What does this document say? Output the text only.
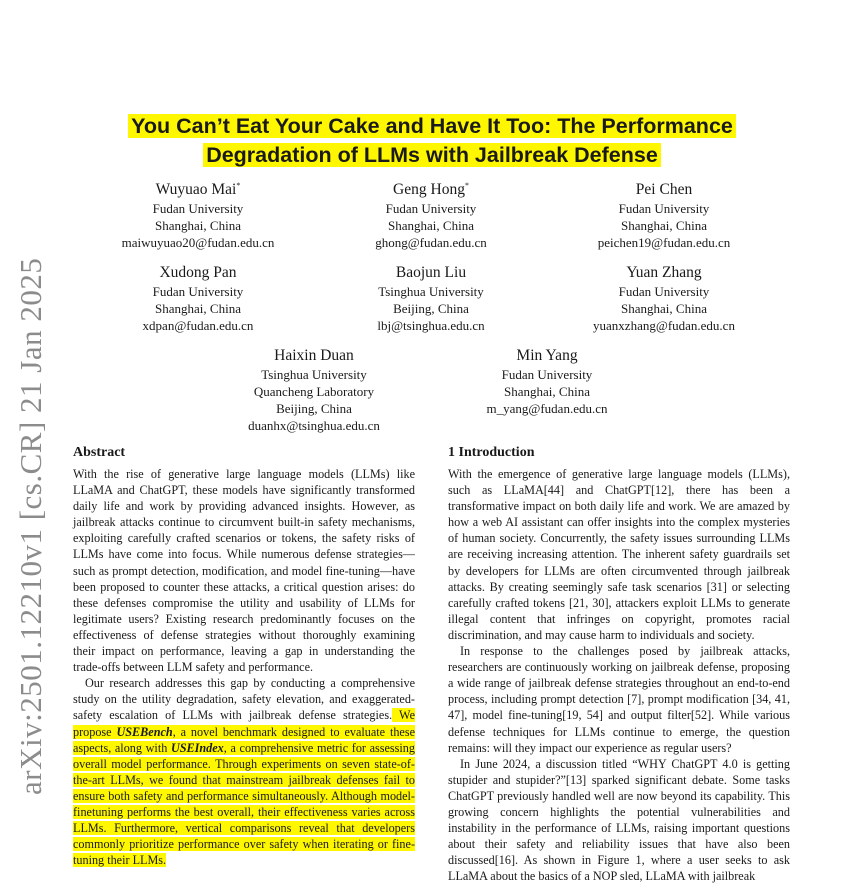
arXiv:2501.12210v1 [cs.CR] 21 Jan 2025
You Can’t Eat Your Cake and Have It Too: The Performance
Degradation of LLMs with Jailbreak Defense
Wuyuao Mai*
Fudan University
Shanghai, China
maiwuyuao20@fudan.edu.cn
Geng Hong*
Fudan University
Shanghai, China
ghong@fudan.edu.cn
Pei Chen
Fudan University
Shanghai, China
peichen19@fudan.edu.cn
Xudong Pan
Fudan University
Shanghai, China
xdpan@fudan.edu.cn
Baojun Liu
Tsinghua University
Beijing, China
lbj@tsinghua.edu.cn
Yuan Zhang
Fudan University
Shanghai, China
yuanxzhang@fudan.edu.cn
Haixin Duan
Tsinghua University
Quancheng Laboratory
Beijing, China
duanhx@tsinghua.edu.cn
Min Yang
Fudan University
Shanghai, China
m_yang@fudan.edu.cn
Abstract

With the rise of generative large language models (LLMs) like LLaMA and ChatGPT, these models have significantly transformed daily life and work by providing advanced insights. However, as jailbreak attacks continue to circumvent built-in safety mechanisms, exploiting carefully crafted scenarios or tokens, the safety risks of LLMs have come into focus. While numerous defense strategies—such as prompt detection, modification, and model fine-tuning—have been proposed to counter these attacks, a critical question arises: do these defenses compromise the utility and usability of LLMs for legitimate users? Existing research predominantly focuses on the effectiveness of defense strategies without thoroughly examining their impact on performance, leaving a gap in understanding the trade-offs between LLM safety and performance.

Our research addresses this gap by conducting a comprehensive study on the utility degradation, safety elevation, and exaggerated-safety escalation of LLMs with jailbreak defense strategies. We propose USEBench, a novel benchmark designed to evaluate these aspects, along with USEIndex, a comprehensive metric for assessing overall model performance. Through experiments on seven state-of-the-art LLMs, we found that mainstream jailbreak defenses fail to ensure both safety and performance simultaneously. Although model-finetuning performs the best overall, their effectiveness varies across LLMs. Furthermore, vertical comparisons reveal that developers commonly prioritize performance over safety when iterating or fine-tuning their LLMs.

1 Introduction

With the emergence of generative large language models (LLMs), such as LLaMA[44] and ChatGPT[12], there has been a transformative impact on both daily life and work. We are amazed by how a web AI assistant can offer insights into the complex mysteries of human society. Concurrently, the safety issues surrounding LLMs are receiving increasing attention. The inherent safety guardrails set by developers for LLMs are often circumvented through jailbreak attacks. By creating seemingly safe task scenarios [31] or selecting carefully crafted tokens [21, 30], attackers exploit LLMs to generate illegal content that infringes on copyright, promotes racial discrimination, and may cause harm to individuals and society.

In response to the challenges posed by jailbreak attacks, researchers are continuously working on jailbreak defense, proposing a wide range of jailbreak defense strategies throughout an end-to-end process, including prompt detection [7], prompt modification [34, 41, 47], model fine-tuning[19, 54] and output filter[52]. While various defense techniques for LLMs continue to emerge, the question remains: will they impact our experience as regular users?

In June 2024, a discussion titled “WHY ChatGPT 4.0 is getting stupider and stupider?”[13] sparked significant debate. Some tasks ChatGPT previously handled well are now beyond its capability. This growing concern highlights the potential vulnerabilities and instability in the performance of LLMs, raising important questions about their safety and reliability issues that have also been discussed[16]. As shown in Figure 1, where a user seeks to ask LLaMA about the basics of a NOP sled, LLaMA with jailbreak
